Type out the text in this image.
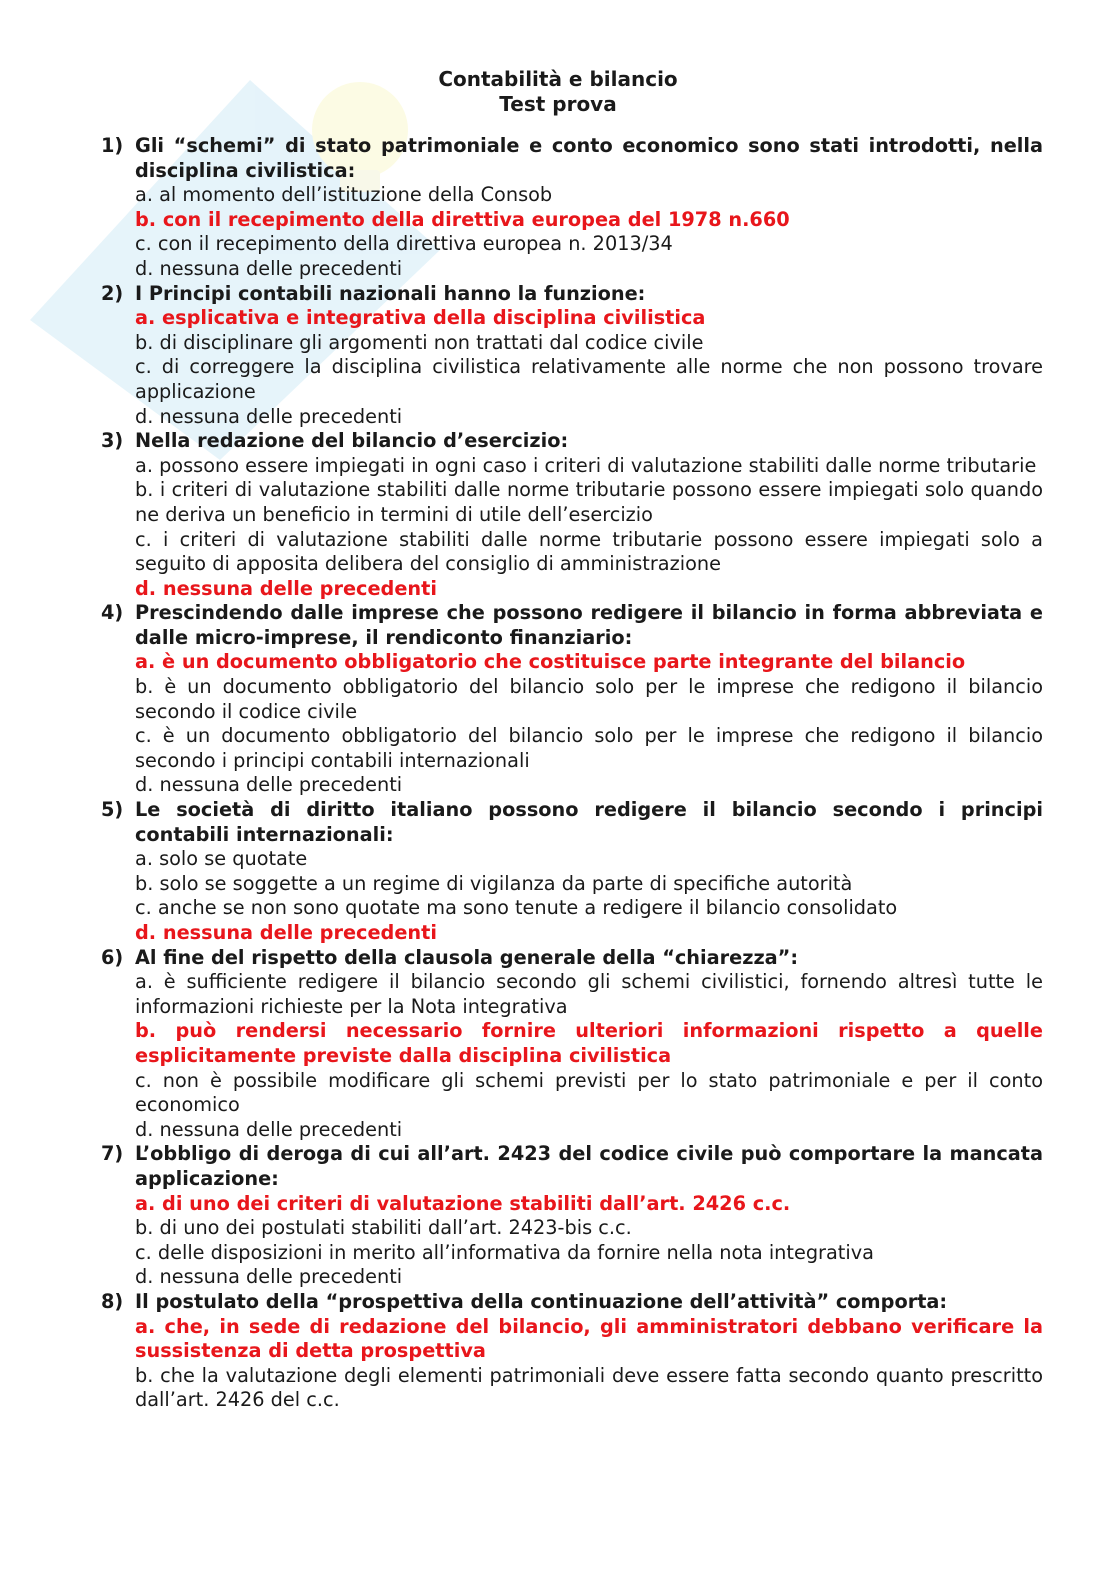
Contabilità e bilancio
Test prova
1) Gli “schemi” di stato patrimoniale e conto economico sono stati introdotti, nella disciplina civilistica:
a. al momento dell’istituzione della Consob
b. con il recepimento della direttiva europea del 1978 n.660
c. con il recepimento della direttiva europea n. 2013/34
d. nessuna delle precedenti
2) I Principi contabili nazionali hanno la funzione:
a. esplicativa e integrativa della disciplina civilistica
b. di disciplinare gli argomenti non trattati dal codice civile
c. di correggere la disciplina civilistica relativamente alle norme che non possono trovare applicazione
d. nessuna delle precedenti
3) Nella redazione del bilancio d’esercizio:
a. possono essere impiegati in ogni caso i criteri di valutazione stabiliti dalle norme tributarie
b. i criteri di valutazione stabiliti dalle norme tributarie possono essere impiegati solo quando ne deriva un beneficio in termini di utile dell’esercizio
c. i criteri di valutazione stabiliti dalle norme tributarie possono essere impiegati solo a seguito di apposita delibera del consiglio di amministrazione
d. nessuna delle precedenti
4) Prescindendo dalle imprese che possono redigere il bilancio in forma abbreviata e dalle micro-imprese, il rendiconto finanziario:
a. è un documento obbligatorio che costituisce parte integrante del bilancio
b. è un documento obbligatorio del bilancio solo per le imprese che redigono il bilancio secondo il codice civile
c. è un documento obbligatorio del bilancio solo per le imprese che redigono il bilancio secondo i principi contabili internazionali
d. nessuna delle precedenti
5) Le società di diritto italiano possono redigere il bilancio secondo i principi contabili internazionali:
a. solo se quotate
b. solo se soggette a un regime di vigilanza da parte di specifiche autorità
c. anche se non sono quotate ma sono tenute a redigere il bilancio consolidato
d. nessuna delle precedenti
6) Al fine del rispetto della clausola generale della “chiarezza”:
a. è sufficiente redigere il bilancio secondo gli schemi civilistici, fornendo altresì tutte le informazioni richieste per la Nota integrativa
b. può rendersi necessario fornire ulteriori informazioni rispetto a quelle esplicitamente previste dalla disciplina civilistica
c. non è possibile modificare gli schemi previsti per lo stato patrimoniale e per il conto economico
d. nessuna delle precedenti
7) L’obbligo di deroga di cui all’art. 2423 del codice civile può comportare la mancata applicazione:
a. di uno dei criteri di valutazione stabiliti dall’art. 2426 c.c.
b. di uno dei postulati stabiliti dall’art. 2423-bis c.c.
c. delle disposizioni in merito all’informativa da fornire nella nota integrativa
d. nessuna delle precedenti
8) Il postulato della “prospettiva della continuazione dell’attività” comporta:
a. che, in sede di redazione del bilancio, gli amministratori debbano verificare la sussistenza di detta prospettiva
b. che la valutazione degli elementi patrimoniali deve essere fatta secondo quanto prescritto dall’art. 2426 del c.c.
